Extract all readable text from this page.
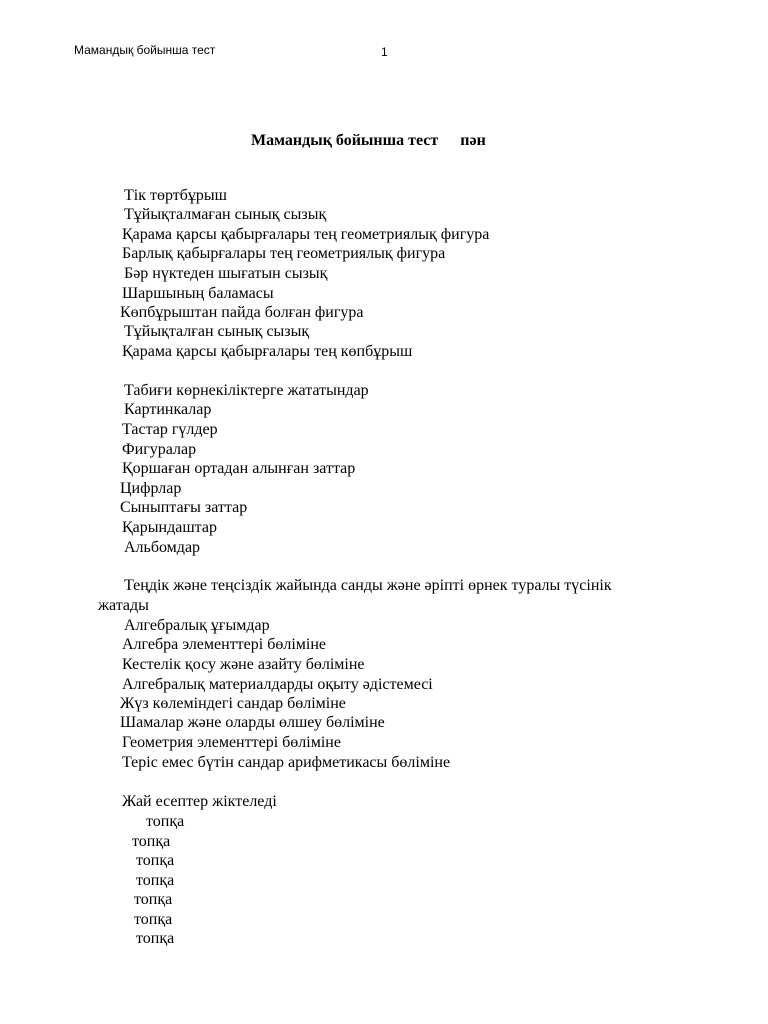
Мамандық бойынша тест	1
Мамандық бойынша тест пән
Тік төртбұрыш
Тұйықталмаған сынық сызық
Қарама қарсы қабырғалары тең геометриялық фигура
Барлық қабырғалары тең геометриялық фигура
Бәр нүктеден шығатын сызық
Шаршының баламасы
Көпбұрыштан пайда болған фигура
Тұйықталған сынық сызық
Қарама қарсы қабырғалары тең көпбұрыш
Табиғи көрнекіліктерге жататындар
Картинкалар
Тастар гүлдер
Фигуралар
Қоршаған ортадан алынған заттар
Цифрлар
Сыныптағы заттар
Қарындаштар
Альбомдар
Теңдік және теңсіздік жайында санды және әріпті өрнек туралы түсінік
жатады
Алгебралық ұғымдар
Алгебра элементтері бөліміне
Кестелік қосу және азайту бөліміне
Алгебралық материалдарды оқыту әдістемесі
Жүз көлеміндегі сандар бөліміне
Шамалар және оларды өлшеу бөліміне
Геометрия элементтері бөліміне
Теріс емес бүтін сандар арифметикасы бөліміне
Жай есептер жіктеледі
топқа
топқа
топқа
топқа
топқа
топқа
топқа
